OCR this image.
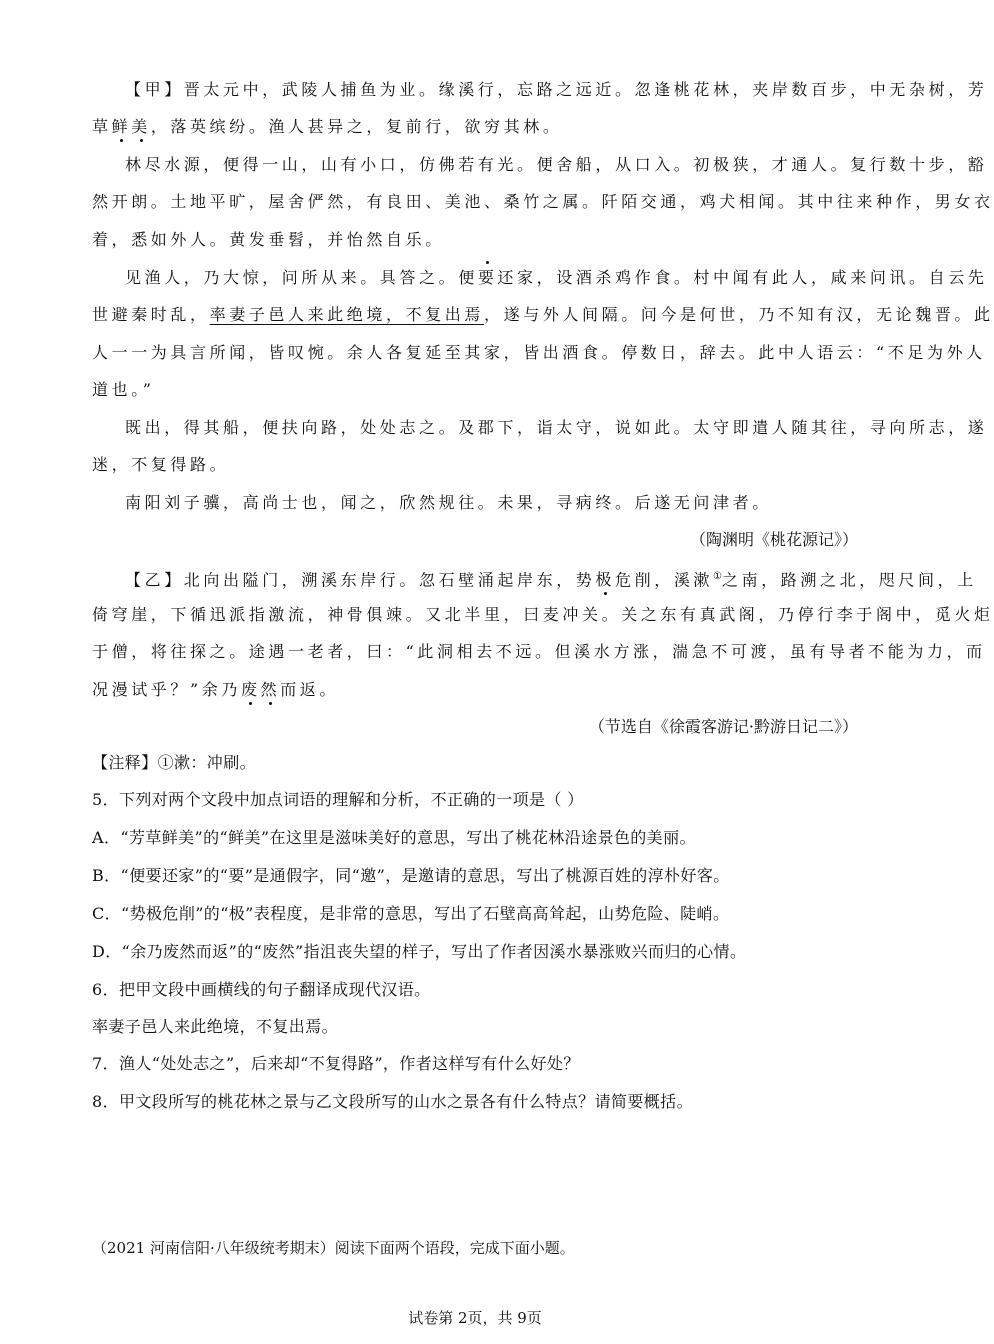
【甲】晋太元中，武陵人捕鱼为业。缘溪行，忘路之远近。忽逢桃花林，夹岸数百步，中无杂树，芳
草鲜美，落英缤纷。渔人甚异之，复前行，欲穷其林。
林尽水源，便得一山，山有小口，仿佛若有光。便舍船，从口入。初极狭，才通人。复行数十步，豁
然开朗。土地平旷，屋舍俨然，有良田、美池、桑竹之属。阡陌交通，鸡犬相闻。其中往来种作，男女衣
着，悉如外人。黄发垂髫，并怡然自乐。
见渔人，乃大惊，问所从来。具答之。便要还家，设酒杀鸡作食。村中闻有此人，咸来问讯。自云先
世避秦时乱，率妻子邑人来此绝境，不复出焉，遂与外人间隔。问今是何世，乃不知有汉，无论魏晋。此
人一一为具言所闻，皆叹惋。余人各复延至其家，皆出酒食。停数日，辞去。此中人语云：“不足为外人
道也。”
既出，得其船，便扶向路，处处志之。及郡下，诣太守，说如此。太守即遣人随其往，寻向所志，遂
迷，不复得路。
南阳刘子骥，高尚士也，闻之，欣然规往。未果，寻病终。后遂无问津者。
（陶渊明《桃花源记》）
【乙】北向出隘门，溯溪东岸行。忽石壁涌起岸东，势极危削，溪漱①之南，路溯之北，咫尺间，上
倚穹崖，下循迅派指激流，神骨俱竦。又北半里，曰麦冲关。关之东有真武阁，乃停行李于阁中，觅火炬
于僧，将往探之。途遇一老者，曰：“此洞相去不远。但溪水方涨，湍急不可渡，虽有导者不能为力，而
况漫试乎？”余乃废然而返。
（节选自《徐霞客游记·黔游日记二》）
【注释】①漱：冲刷。
5．下列对两个文段中加点词语的理解和分析，不正确的一项是（ ）
A．“芳草鲜美”的“鲜美”在这里是滋味美好的意思，写出了桃花林沿途景色的美丽。
B．“便要还家”的“要”是通假字，同“邀”，是邀请的意思，写出了桃源百姓的淳朴好客。
C．“势极危削”的“极”表程度，是非常的意思，写出了石壁高高耸起，山势危险、陡峭。
D．“余乃废然而返”的“废然”指沮丧失望的样子，写出了作者因溪水暴涨败兴而归的心情。
6．把甲文段中画横线的句子翻译成现代汉语。
率妻子邑人来此绝境，不复出焉。
7．渔人“处处志之”，后来却“不复得路”，作者这样写有什么好处？
8．甲文段所写的桃花林之景与乙文段所写的山水之景各有什么特点？请简要概括。
（2021 河南信阳·八年级统考期末）阅读下面两个语段，完成下面小题。
试卷第 2页，共 9页
